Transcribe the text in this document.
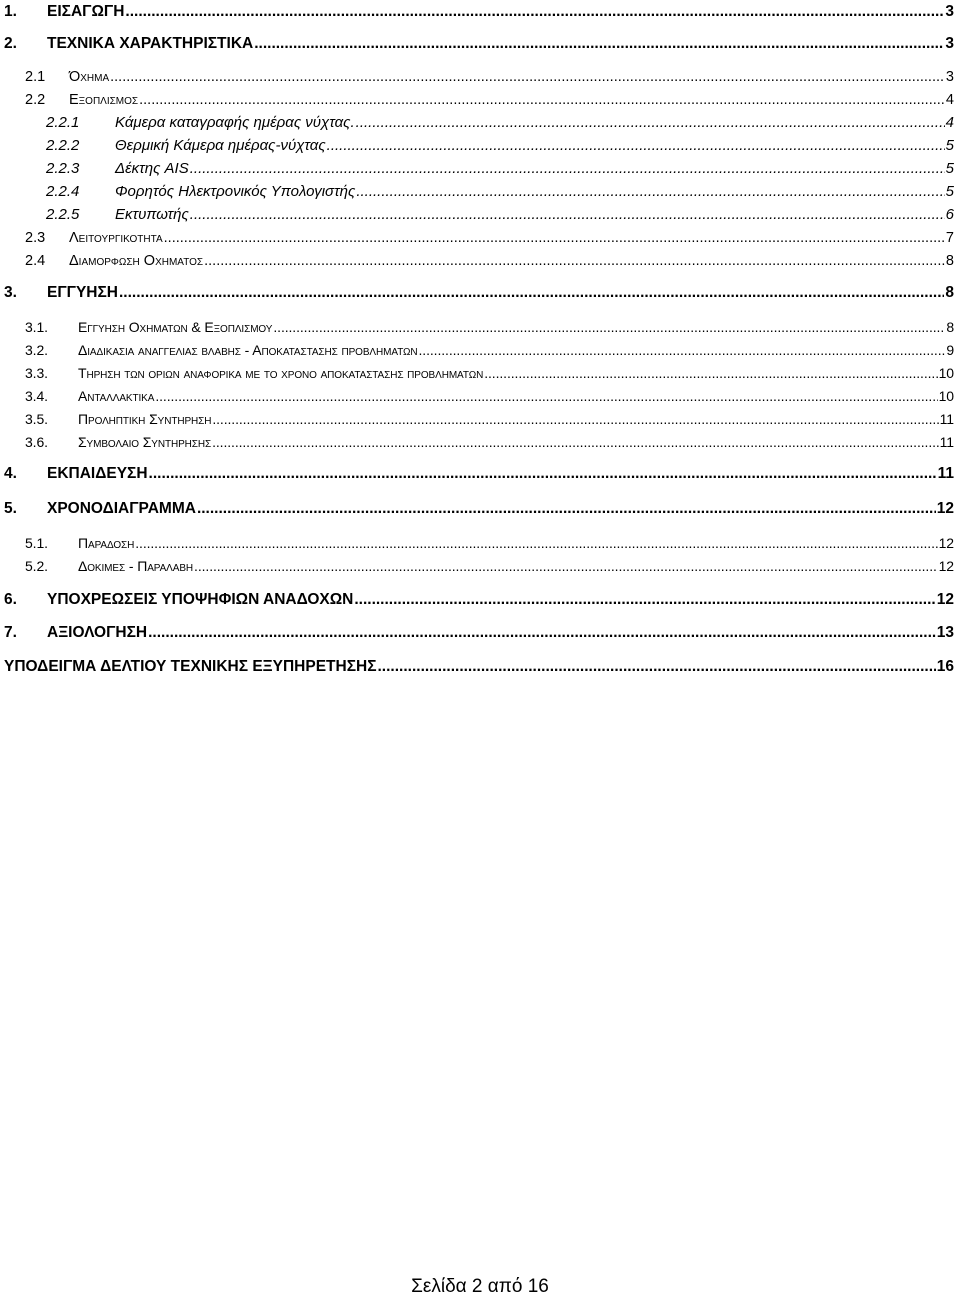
1. ΕΙΣΑΓΩΓΗ .....	3
2. ΤΕΧΝΙΚΑ ΧΑΡΑΚΤΗΡΙΣΤΙΚΑ .....	3
2.1 Όχημα .....	3
2.2 Εξοπλισμος .....	4
2.2.1 Κάμερα καταγραφής ημέρας νύχτας. .....	4
2.2.2 Θερμική Κάμερα ημέρας-νύχτας .....	5
2.2.3 Δέκτης AIS .....	5
2.2.4 Φορητός Ηλεκτρονικός Υπολογιστής .....	5
2.2.5 Εκτυπωτής .....	6
2.3 Λειτουργικοτητα .....	7
2.4 Διαμορφωση Οχηματος .....	8
3. ΕΓΓΥΗΣΗ .....	8
3.1. Εγγυηση Οχηματων & Εξοπλισμου .....	8
3.2. Διαδικασια αναγγελιας βλαβης - Αποκαταστασης προβληματων .....	9
3.3. Τηρηση των οριων αναφορικα με το χρονο αποκαταστασης προβληματων .....	10
3.4. Ανταλλακτικα .....	10
3.5. Προληπτικη Συντηρηση .....	11
3.6. Συμβολαιο Συντηρησης .....	11
4. ΕΚΠΑΙΔΕΥΣΗ .....	11
5. ΧΡΟΝΟΔΙΑΓΡΑΜΜΑ .....	12
5.1. Παραδοση .....	12
5.2. Δοκιμες - Παραλαβη .....	12
6. ΥΠΟΧΡΕΩΣΕΙΣ ΥΠΟΨΗΦΙΩΝ ΑΝΑΔΟΧΩΝ .....	12
7. ΑΞΙΟΛΟΓΗΣΗ .....	13
ΥΠΟΔΕΙΓΜΑ ΔΕΛΤΙΟΥ ΤΕΧΝΙΚΗΣ ΕΞΥΠΗΡΕΤΗΣΗΣ .....	16
Σελίδα 2 από 16
